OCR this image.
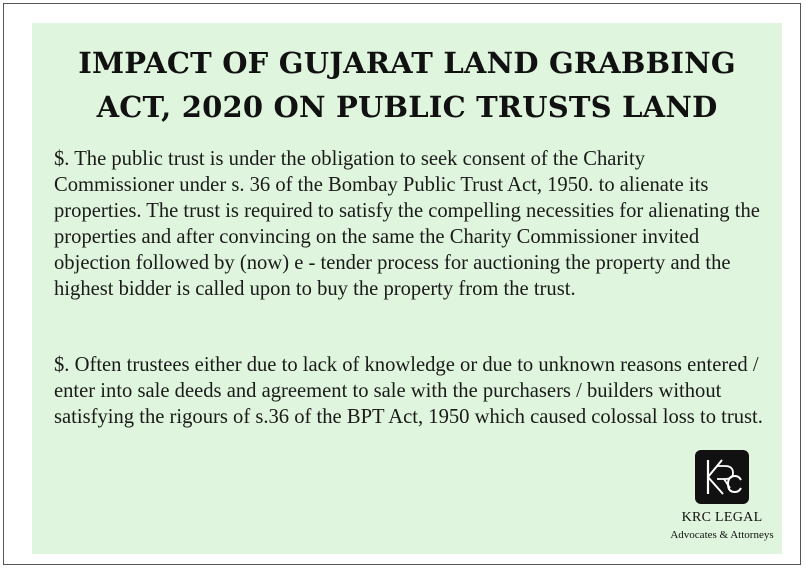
IMPACT OF GUJARAT LAND GRABBING
ACT, 2020 ON PUBLIC TRUSTS LAND

$. The public trust is under the obligation to seek consent of the Charity Commissioner under s. 36 of the Bombay Public Trust Act, 1950. to alienate its properties. The trust is required to satisfy the compelling necessities for alienating the properties and after convincing on the same the Charity Commissioner invited objection followed by (now) e - tender process for auctioning the property and the highest bidder is called upon to buy the property from the trust.

$. Often trustees either due to lack of knowledge or due to unknown reasons entered / enter into sale deeds and agreement to sale with the purchasers / builders without satisfying the rigours of s.36 of the BPT Act, 1950 which caused colossal loss to trust.

KRC LEGAL
Advocates & Attorneys
